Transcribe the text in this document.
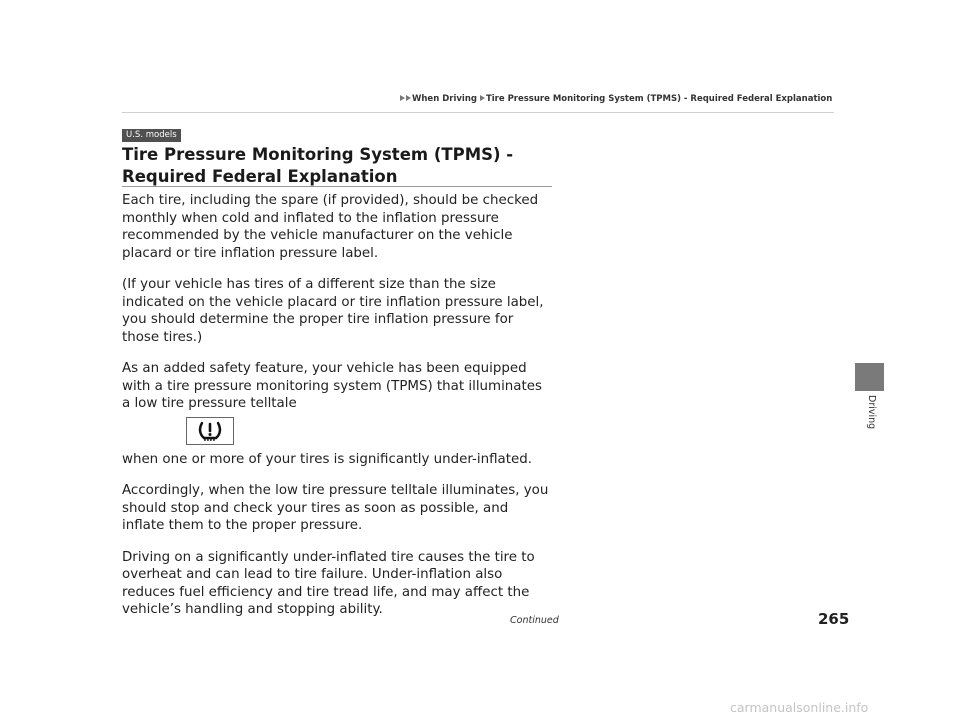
When Driving Tire Pressure Monitoring System (TPMS) - Required Federal Explanation
U.S. models
Tire Pressure Monitoring System (TPMS) - Required Federal Explanation

Each tire, including the spare (if provided), should be checked monthly when cold and inflated to the inflation pressure recommended by the vehicle manufacturer on the vehicle placard or tire inflation pressure label.

(If your vehicle has tires of a different size than the size indicated on the vehicle placard or tire inflation pressure label, you should determine the proper tire inflation pressure for those tires.)

As an added safety feature, your vehicle has been equipped with a tire pressure monitoring system (TPMS) that illuminates a low tire pressure telltale

when one or more of your tires is significantly under-inflated.

Accordingly, when the low tire pressure telltale illuminates, you should stop and check your tires as soon as possible, and inflate them to the proper pressure.

Driving on a significantly under-inflated tire causes the tire to overheat and can lead to tire failure. Under-inflation also reduces fuel efficiency and tire tread life, and may affect the vehicle’s handling and stopping ability.

Continued	265
Driving
carmanualsonline.info
